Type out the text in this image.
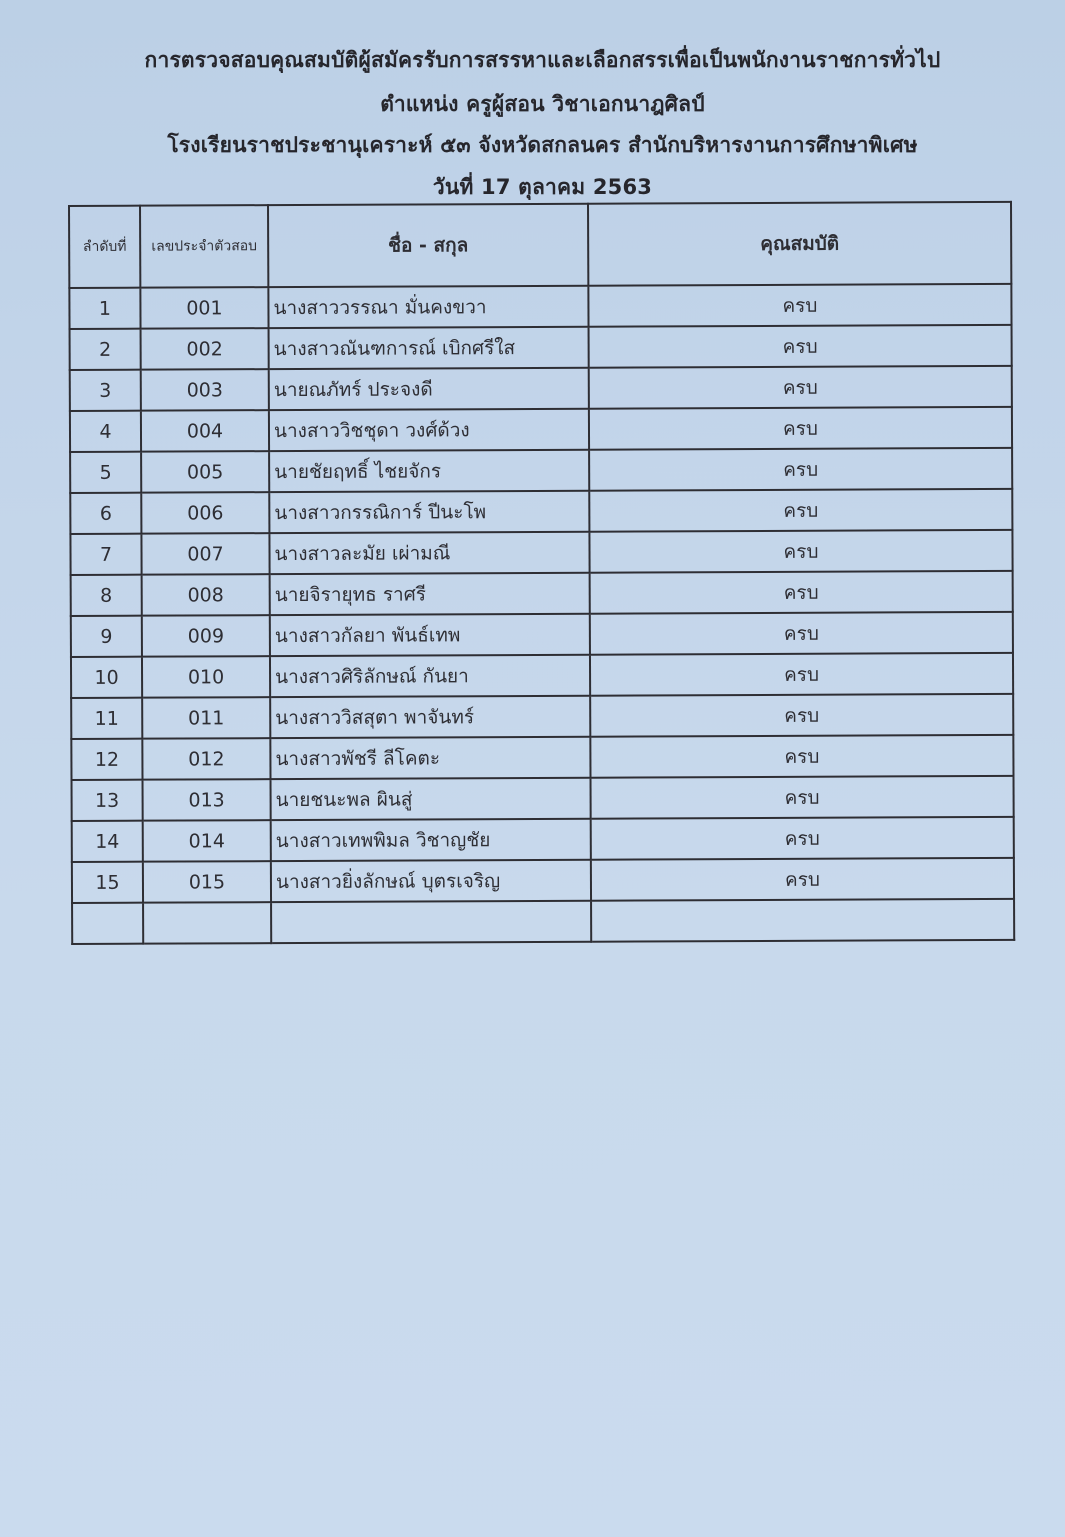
การตรวจสอบคุณสมบัติผู้สมัครรับการสรรหาและเลือกสรรเพื่อเป็นพนักงานราชการทั่วไป
ตำแหน่ง ครูผู้สอน วิชาเอกนาฎศิลป์
โรงเรียนราชประชานุเคราะห์ ๕๓ จังหวัดสกลนคร สำนักบริหารงานการศึกษาพิเศษ
วันที่ 17 ตุลาคม 2563
ลำดับที่	เลขประจำตัวสอบ	ชื่อ - สกุล	คุณสมบัติ
1	001	นางสาววรรณา มั่นคงขวา	ครบ
2	002	นางสาวณันฑการณ์ เบิกศรีใส	ครบ
3	003	นายณภัทร์ ประจงดี	ครบ
4	004	นางสาววิชชุดา วงศ์ด้วง	ครบ
5	005	นายชัยฤทธิ์ ไชยจักร	ครบ
6	006	นางสาวกรรณิการ์ ปีนะโพ	ครบ
7	007	นางสาวละมัย เผ่ามณี	ครบ
8	008	นายจิรายุทธ ราศรี	ครบ
9	009	นางสาวกัลยา พันธ์เทพ	ครบ
10	010	นางสาวศิริลักษณ์ กันยา	ครบ
11	011	นางสาววิสสุตา พาจันทร์	ครบ
12	012	นางสาวพัชรี ลีโคตะ	ครบ
13	013	นายชนะพล ผินสู่	ครบ
14	014	นางสาวเทพพิมล วิชาญชัย	ครบ
15	015	นางสาวยิ่งลักษณ์ บุตรเจริญ	ครบ
